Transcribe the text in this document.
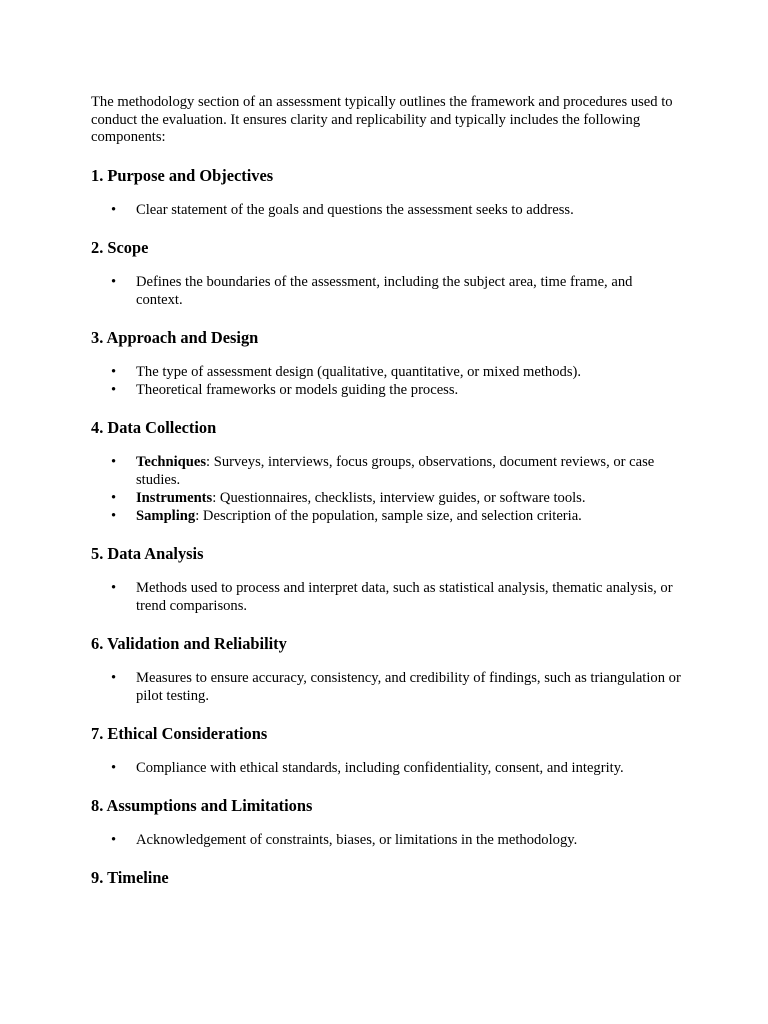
The methodology section of an assessment typically outlines the framework and procedures used to conduct the evaluation. It ensures clarity and replicability and typically includes the following components:

1. Purpose and Objectives
• Clear statement of the goals and questions the assessment seeks to address.
2. Scope
• Defines the boundaries of the assessment, including the subject area, time frame, and context.
3. Approach and Design
• The type of assessment design (qualitative, quantitative, or mixed methods).
• Theoretical frameworks or models guiding the process.
4. Data Collection
• Techniques: Surveys, interviews, focus groups, observations, document reviews, or case studies.
• Instruments: Questionnaires, checklists, interview guides, or software tools.
• Sampling: Description of the population, sample size, and selection criteria.
5. Data Analysis
• Methods used to process and interpret data, such as statistical analysis, thematic analysis, or trend comparisons.
6. Validation and Reliability
• Measures to ensure accuracy, consistency, and credibility of findings, such as triangulation or pilot testing.
7. Ethical Considerations
• Compliance with ethical standards, including confidentiality, consent, and integrity.
8. Assumptions and Limitations
• Acknowledgement of constraints, biases, or limitations in the methodology.
9. Timeline
